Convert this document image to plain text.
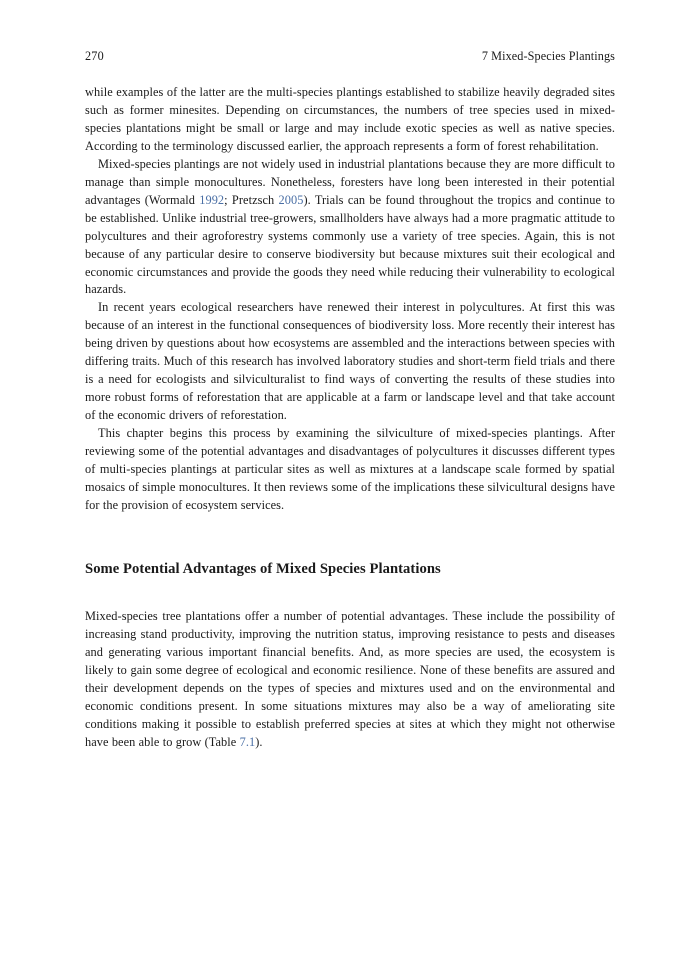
270	7 Mixed-Species Plantings

while examples of the latter are the multi-species plantings established to stabilize heavily degraded sites such as former minesites. Depending on circumstances, the numbers of tree species used in mixed-species plantations might be small or large and may include exotic species as well as native species. According to the terminology discussed earlier, the approach represents a form of forest rehabilitation.

Mixed-species plantings are not widely used in industrial plantations because they are more difficult to manage than simple monocultures. Nonetheless, foresters have long been interested in their potential advantages (Wormald 1992; Pretzsch 2005). Trials can be found throughout the tropics and continue to be established. Unlike industrial tree-growers, smallholders have always had a more pragmatic attitude to polycultures and their agroforestry systems commonly use a variety of tree species. Again, this is not because of any particular desire to conserve biodiversity but because mixtures suit their ecological and economic circumstances and provide the goods they need while reducing their vulnerability to ecological hazards.

In recent years ecological researchers have renewed their interest in polycultures. At first this was because of an interest in the functional consequences of biodiversity loss. More recently their interest has being driven by questions about how ecosystems are assembled and the interactions between species with differing traits. Much of this research has involved laboratory studies and short-term field trials and there is a need for ecologists and silviculturalist to find ways of converting the results of these studies into more robust forms of reforestation that are applicable at a farm or landscape level and that take account of the economic drivers of reforestation.

This chapter begins this process by examining the silviculture of mixed-species plantings. After reviewing some of the potential advantages and disadvantages of polycultures it discusses different types of multi-species plantings at particular sites as well as mixtures at a landscape scale formed by spatial mosaics of simple monocultures. It then reviews some of the implications these silvicultural designs have for the provision of ecosystem services.

Some Potential Advantages of Mixed Species Plantations

Mixed-species tree plantations offer a number of potential advantages. These include the possibility of increasing stand productivity, improving the nutrition status, improving resistance to pests and diseases and generating various important financial benefits. And, as more species are used, the ecosystem is likely to gain some degree of ecological and economic resilience. None of these benefits are assured and their development depends on the types of species and mixtures used and on the environmental and economic conditions present. In some situations mixtures may also be a way of ameliorating site conditions making it possible to establish preferred species at sites at which they might not otherwise have been able to grow (Table 7.1).
